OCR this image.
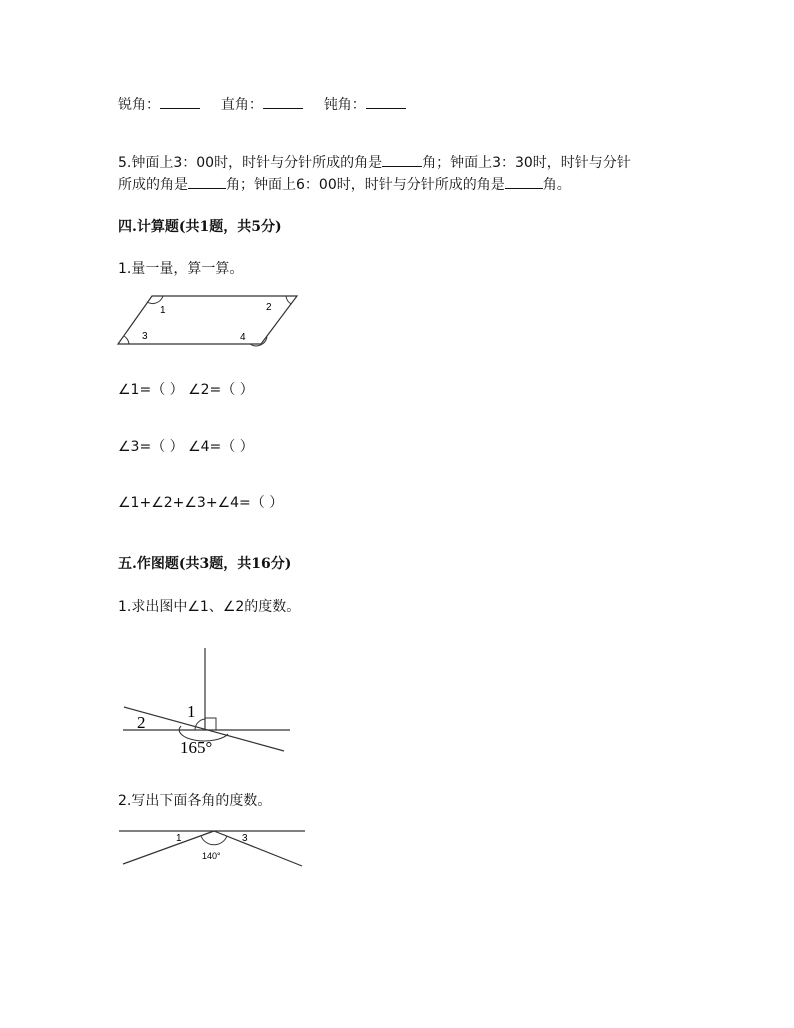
锐角：	直角：	钝角：
5.钟面上3：00时，时针与分针所成的角是	角；钟面上3：30时，时针与分针
所成的角是	角；钟面上6：00时，时针与分针所成的角是	角。
四.计算题(共1题，共5分)
1.量一量，算一算。
1	2
3	4
∠1=（ ） ∠2=（ ）
∠3=（ ） ∠4=（ ）
∠1+∠2+∠3+∠4=（ ）
五.作图题(共3题，共16分)
1.求出图中∠1、∠2的度数。
1
2
165°
2.写出下面各角的度数。
1	3
140°
